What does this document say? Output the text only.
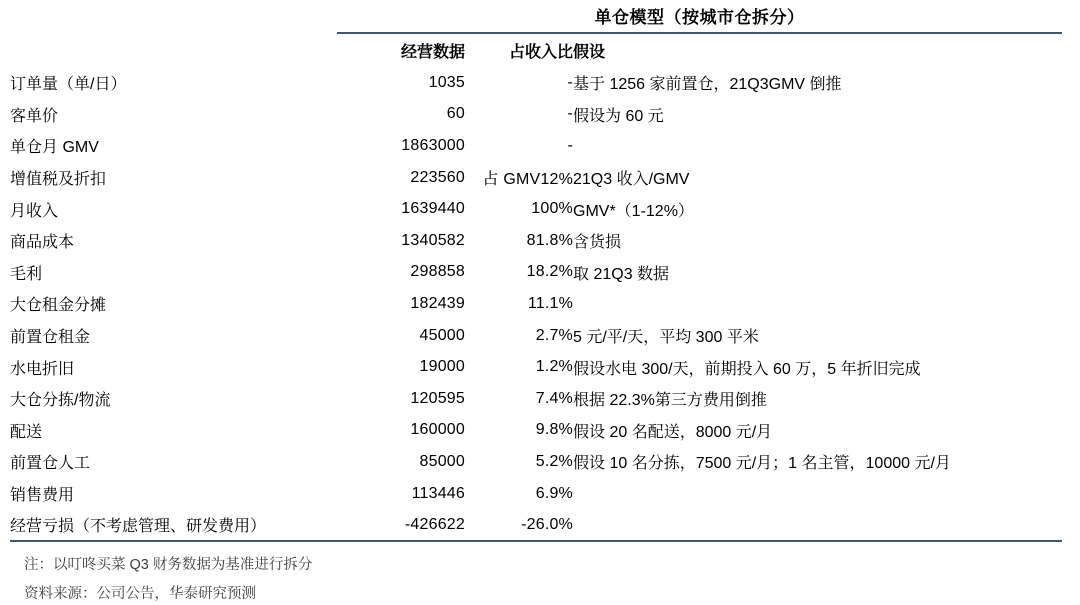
单仓模型（按城市仓拆分）
	经营数据	占收入比	假设
订单量（单/日）	1035	-	基于 1256 家前置仓，21Q3GMV 倒推
客单价	60	-	假设为 60 元
单仓月 GMV	1863000	-	
增值税及折扣	223560	占 GMV12%	21Q3 收入/GMV
月收入	1639440	100%	GMV*（1-12%）
商品成本	1340582	81.8%	含货损
毛利	298858	18.2%	取 21Q3 数据
大仓租金分摊	182439	11.1%	
前置仓租金	45000	2.7%	5 元/平/天，平均 300 平米
水电折旧	19000	1.2%	假设水电 300/天，前期投入 60 万，5 年折旧完成
大仓分拣/物流	120595	7.4%	根据 22.3%第三方费用倒推
配送	160000	9.8%	假设 20 名配送，8000 元/月
前置仓人工	85000	5.2%	假设 10 名分拣，7500 元/月；1 名主管，10000 元/月
销售费用	113446	6.9%	
经营亏损（不考虑管理、研发费用）	-426622	-26.0%	
注：以叮咚买菜 Q3 财务数据为基准进行拆分
资料来源：公司公告，华泰研究预测
